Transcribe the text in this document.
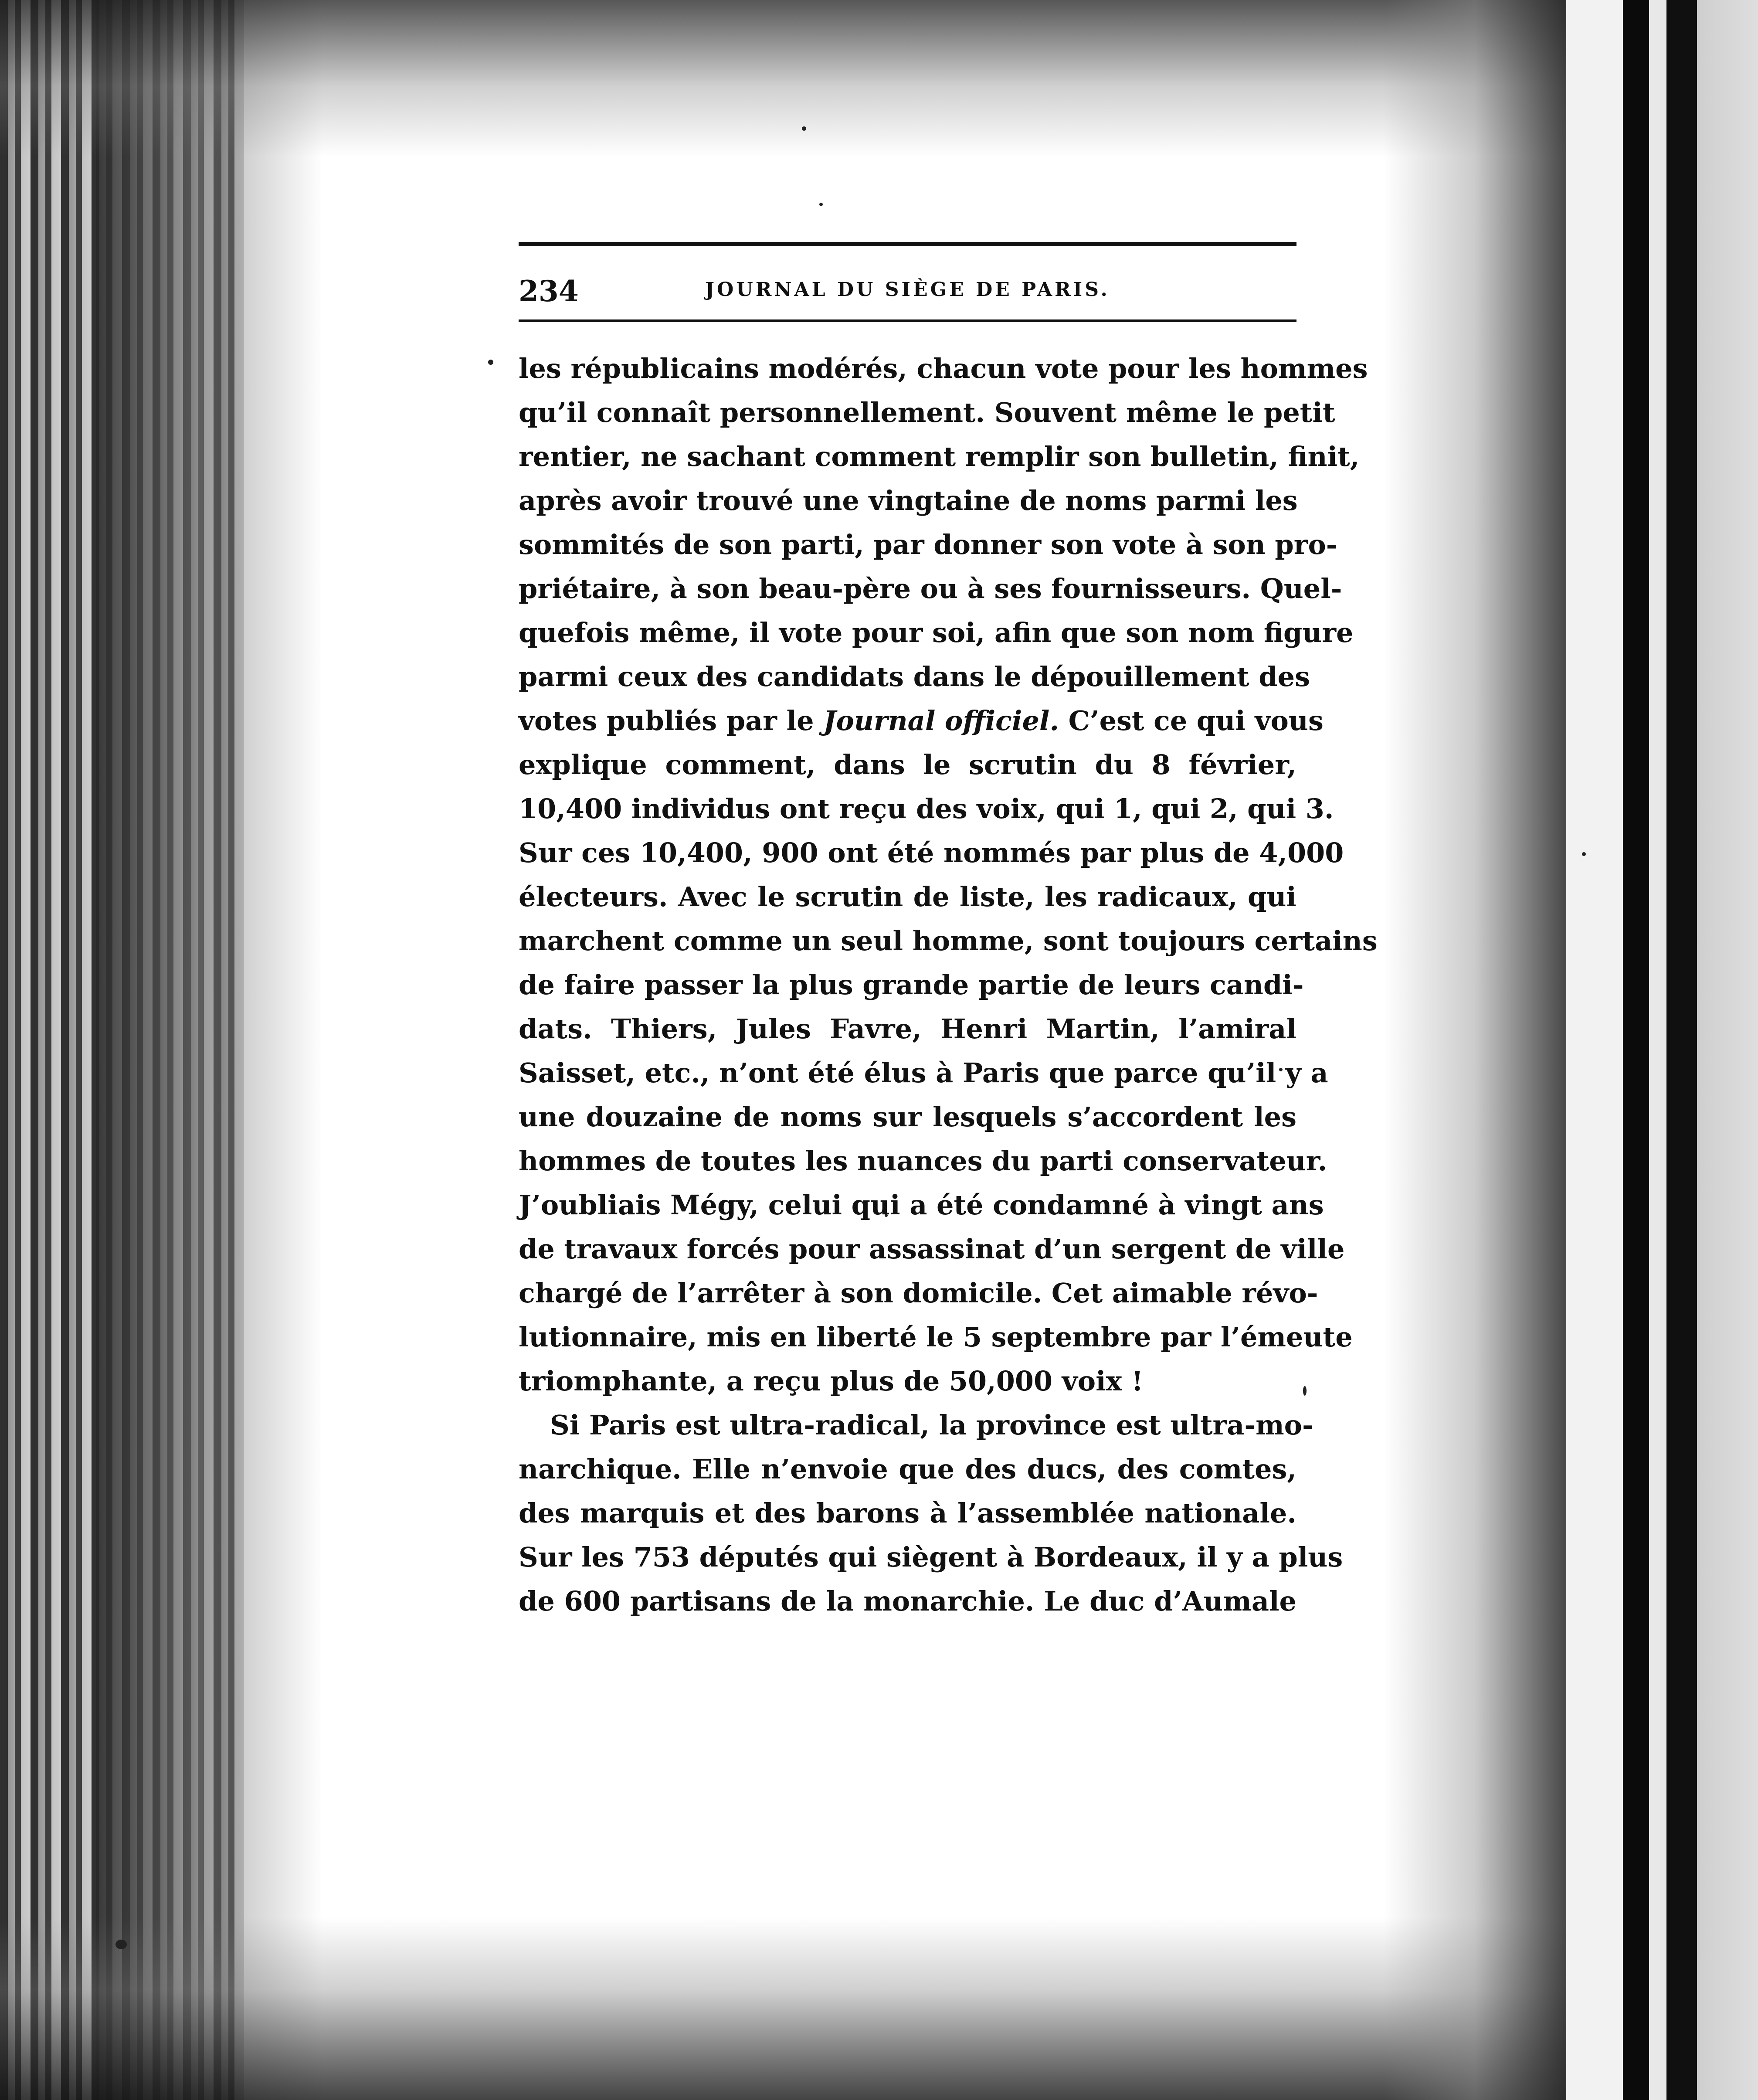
234	JOURNAL DU SIÈGE DE PARIS.
les républicains modérés, chacun vote pour les hommes
qu’il connaît personnellement. Souvent même le petit
rentier, ne sachant comment remplir son bulletin, finit,
après avoir trouvé une vingtaine de noms parmi les
sommités de son parti, par donner son vote à son pro-
priétaire, à son beau-père ou à ses fournisseurs. Quel-
quefois même, il vote pour soi, afin que son nom figure
parmi ceux des candidats dans le dépouillement des
votes publiés par le Journal officiel. C’est ce qui vous
explique comment, dans le scrutin du 8 février,
10,400 individus ont reçu des voix, qui 1, qui 2, qui 3.
Sur ces 10,400, 900 ont été nommés par plus de 4,000
électeurs. Avec le scrutin de liste, les radicaux, qui
marchent comme un seul homme, sont toujours certains
de faire passer la plus grande partie de leurs candi-
dats. Thiers, Jules Favre, Henri Martin, l’amiral
Saisset, etc., n’ont été élus à Paris que parce qu’il y a
une douzaine de noms sur lesquels s’accordent les
hommes de toutes les nuances du parti conservateur.
J’oubliais Mégy, celui qui a été condamné à vingt ans
de travaux forcés pour assassinat d’un sergent de ville
chargé de l’arrêter à son domicile. Cet aimable révo-
lutionnaire, mis en liberté le 5 septembre par l’émeute
triomphante, a reçu plus de 50,000 voix !
Si Paris est ultra-radical, la province est ultra-mo-
narchique. Elle n’envoie que des ducs, des comtes,
des marquis et des barons à l’assemblée nationale.
Sur les 753 députés qui siègent à Bordeaux, il y a plus
de 600 partisans de la monarchie. Le duc d’Aumale
